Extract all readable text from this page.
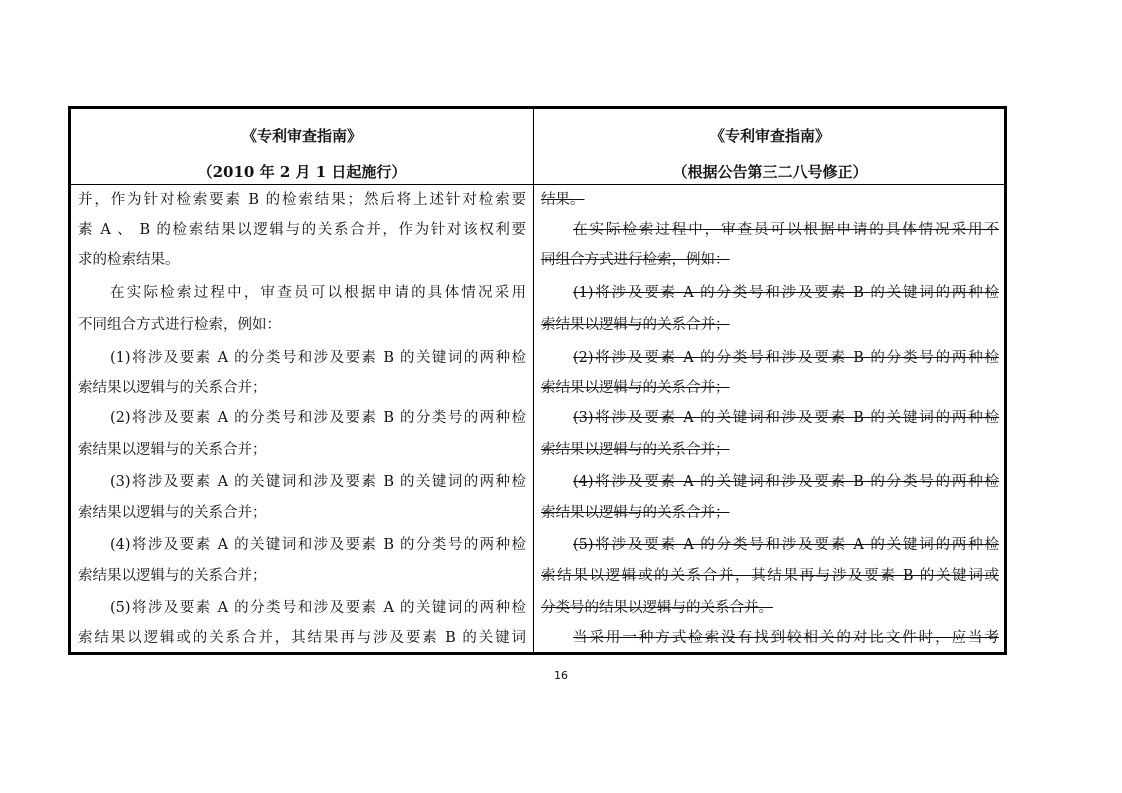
《专利审查指南》
（2010 年 2 月 1 日起施行）
并，作为针对检索要素 B 的检索结果；然后将上述针对检索要
素 A 、 B 的检索结果以逻辑与的关系合并，作为针对该权利要
求的检索结果。
在实际检索过程中，审查员可以根据申请的具体情况采用
不同组合方式进行检索，例如：
(1)将涉及要素 A 的分类号和涉及要素 B 的关键词的两种检
索结果以逻辑与的关系合并；
(2)将涉及要素 A 的分类号和涉及要素 B 的分类号的两种检
索结果以逻辑与的关系合并；
(3)将涉及要素 A 的关键词和涉及要素 B 的关键词的两种检
索结果以逻辑与的关系合并；
(4)将涉及要素 A 的关键词和涉及要素 B 的分类号的两种检
索结果以逻辑与的关系合并；
(5)将涉及要素 A 的分类号和涉及要素 A 的关键词的两种检
索结果以逻辑或的关系合并，其结果再与涉及要素 B 的关键词
《专利审查指南》
（根据公告第三二八号修正）
结果。
在实际检索过程中，审查员可以根据申请的具体情况采用不
同组合方式进行检索，例如：
(1)将涉及要素 A 的分类号和涉及要素 B 的关键词的两种检
索结果以逻辑与的关系合并；
(2)将涉及要素 A 的分类号和涉及要素 B 的分类号的两种检
索结果以逻辑与的关系合并；
(3)将涉及要素 A 的关键词和涉及要素 B 的关键词的两种检
索结果以逻辑与的关系合并；
(4)将涉及要素 A 的关键词和涉及要素 B 的分类号的两种检
索结果以逻辑与的关系合并；
(5)将涉及要素 A 的分类号和涉及要素 A 的关键词的两种检
索结果以逻辑或的关系合并，其结果再与涉及要素 B 的关键词或
分类号的结果以逻辑与的关系合并。
当采用一种方式检索没有找到较相关的对比文件时，应当考
16
